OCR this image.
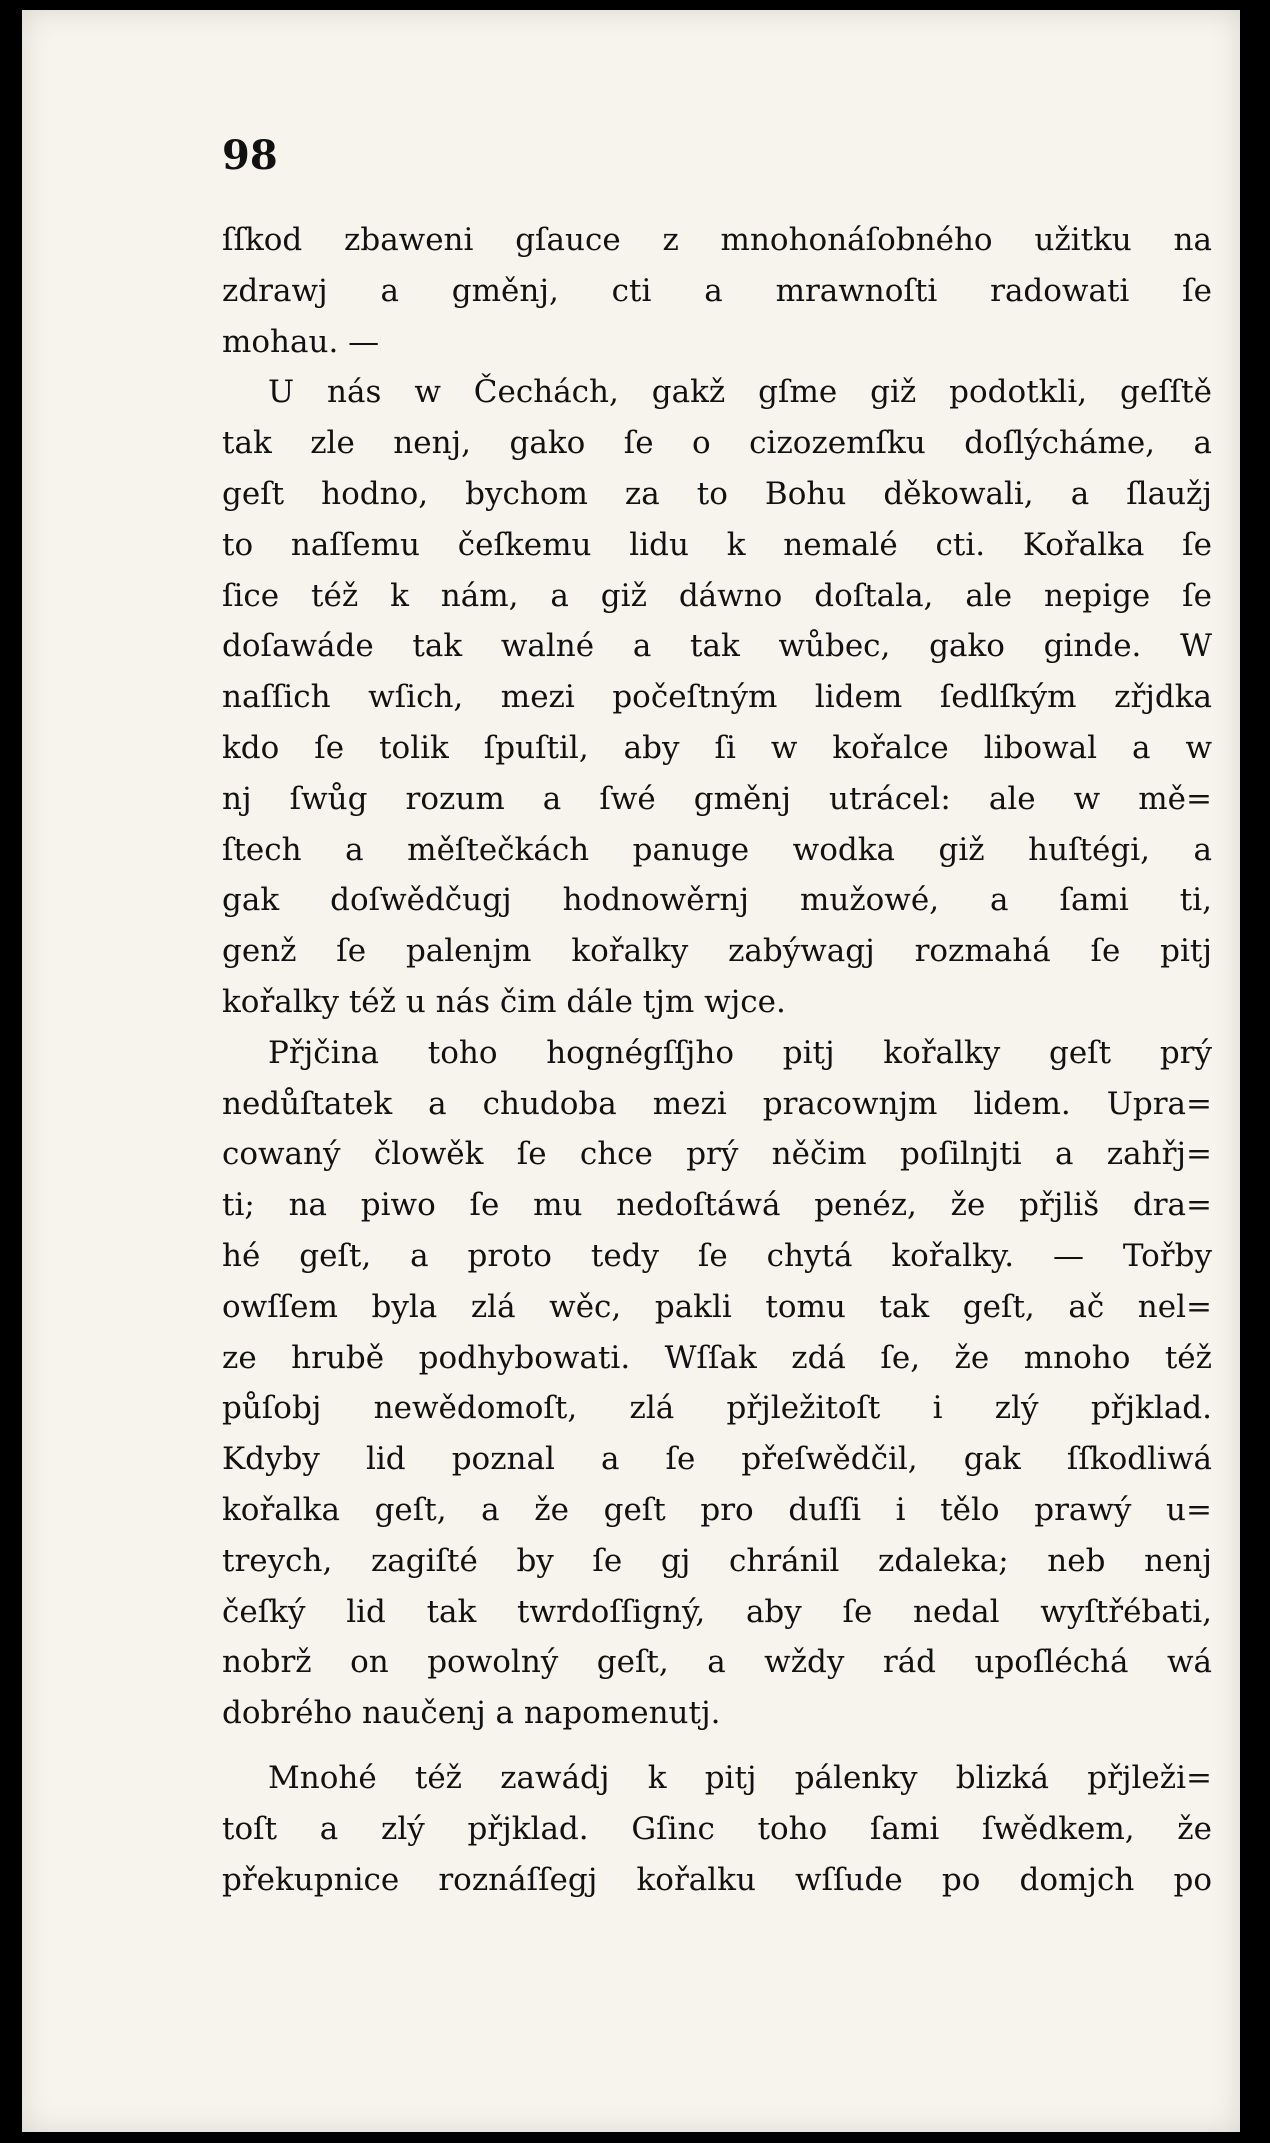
98
ſſkod zbaweni gſauce z mnohonáſobného užitku na
zdrawj a gměnj, cti a mrawnoſti radowati ſe
mohau. —
U nás w Čechách, gakž gſme giž podotkli, geſſtě
tak zle nenj, gako ſe o cizozemſku doſlýcháme, a
geſt hodno, bychom za to Bohu děkowali, a ſlaužj
to naſſemu čeſkemu lidu k nemalé cti. Kořalka ſe
ſice též k nám, a giž dáwno doſtala, ale nepige ſe
doſawáde tak walné a tak wůbec, gako ginde. W
naſſich wſich, mezi počeſtným lidem ſedlſkým zřjdka
kdo ſe tolik ſpuſtil, aby ſi w kořalce libowal a w
nj ſwůg rozum a ſwé gměnj utrácel: ale w mě=
ſtech a měſtečkách panuge wodka giž huſtégi, a
gak doſwědčugj hodnowěrnj mužowé, a ſami ti,
genž ſe palenjm kořalky zabýwagj rozmahá ſe pitj
kořalky též u nás čim dále tjm wjce.
Přjčina toho hognégſſjho pitj kořalky geſt prý
nedůſtatek a chudoba mezi pracownjm lidem. Upra=
cowaný člowěk ſe chce prý něčim poſilnjti a zahřj=
ti; na piwo ſe mu nedoſtáwá penéz, že přjliš dra=
hé geſt, a proto tedy ſe chytá kořalky. — Tořby
owſſem byla zlá wěc, pakli tomu tak geſt, ač nel=
ze hrubě podhybowati. Wſſak zdá ſe, že mnoho též
půſobj newědomoſt, zlá přjležitoſt i zlý přjklad.
Kdyby lid poznal a ſe přeſwědčil, gak ſſkodliwá
kořalka geſt, a že geſt pro duſſi i tělo prawý u=
treych, zagiſté by ſe gj chránil zdaleka; neb nenj
čeſký lid tak twrdoſſigný, aby ſe nedal wyſtřébati,
nobrž on powolný geſt, a wždy rád upoſléchá wá
dobrého naučenj a napomenutj.
Mnohé též zawádj k pitj pálenky blizká přjleži=
toſt a zlý přjklad. Gſinc toho ſami ſwědkem, že
překupnice roznáſſegj kořalku wſſude po domjch po
